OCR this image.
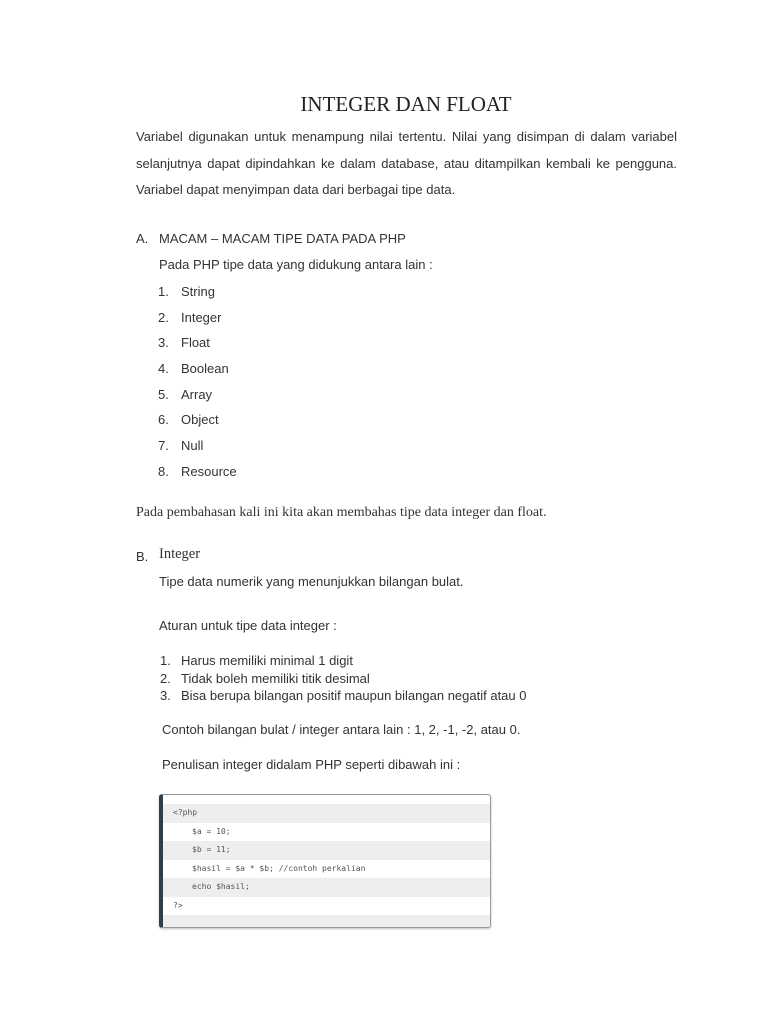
INTEGER DAN FLOAT
Variabel digunakan untuk menampung nilai tertentu. Nilai yang disimpan di dalam variabel selanjutnya dapat dipindahkan ke dalam database, atau ditampilkan kembali ke pengguna. Variabel dapat menyimpan data dari berbagai tipe data.
A. MACAM – MACAM TIPE DATA PADA PHP
Pada PHP tipe data yang didukung antara lain :
1. String
2. Integer
3. Float
4. Boolean
5. Array
6. Object
7. Null
8. Resource
Pada pembahasan kali ini kita akan membahas tipe data integer dan float.
B. Integer
Tipe data numerik yang menunjukkan bilangan bulat.
Aturan untuk tipe data integer :
1. Harus memiliki minimal 1 digit
2. Tidak boleh memiliki titik desimal
3. Bisa berupa bilangan positif maupun bilangan negatif atau 0
Contoh bilangan bulat / integer antara lain : 1, 2, -1, -2, atau 0.
Penulisan integer didalam PHP seperti dibawah ini :
<?php
$a = 10;
$b = 11;
$hasil = $a * $b; //contoh perkalian
echo $hasil;
?>
